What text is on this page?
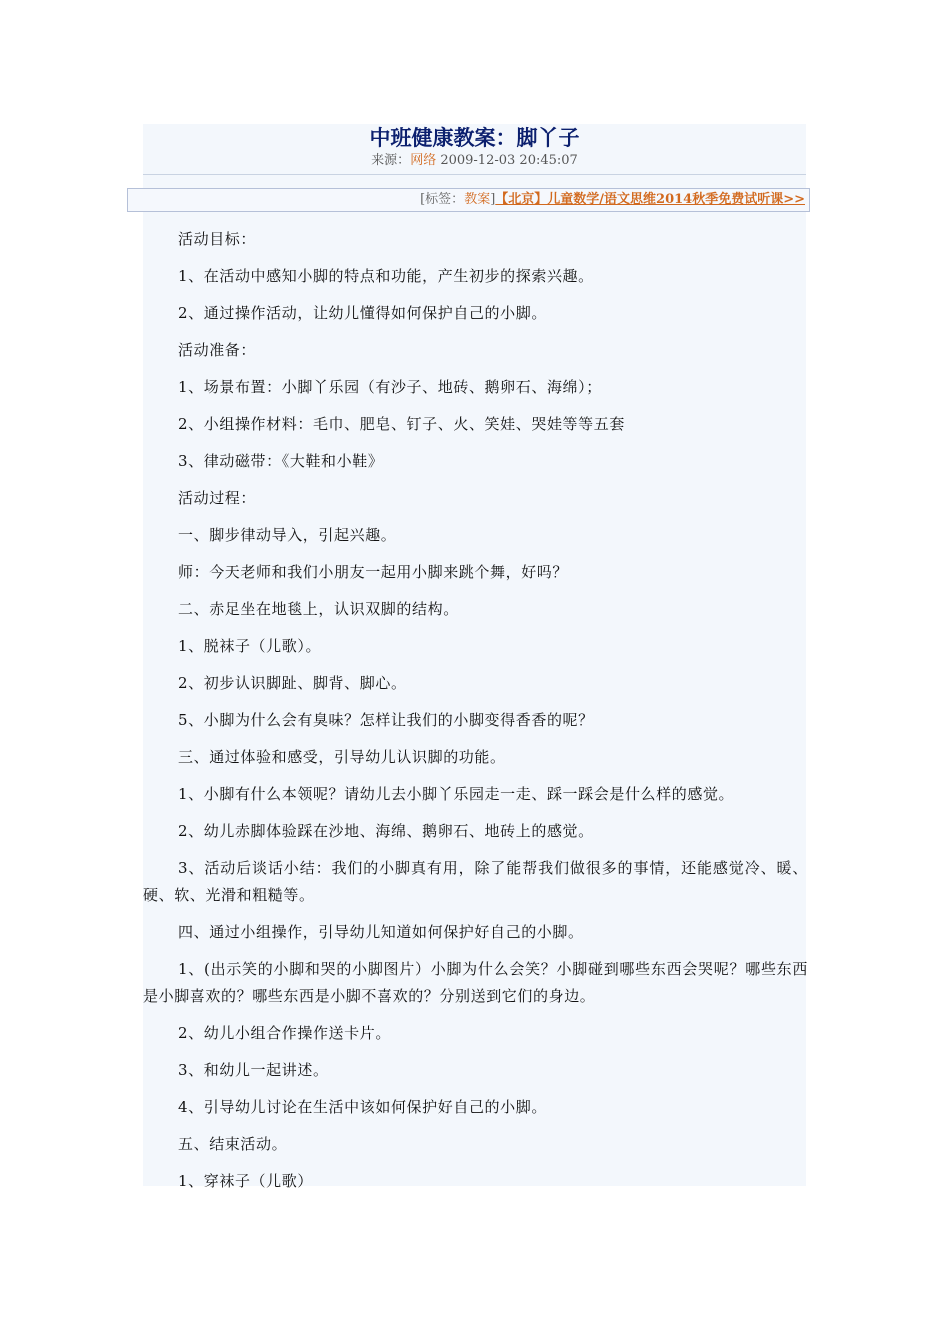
中班健康教案：脚丫子
来源：网络 2009-12-03 20:45:07
[标签：教案]【北京】儿童数学/语文思维2014秋季免费试听课>>

活动目标：

1、在活动中感知小脚的特点和功能，产生初步的探索兴趣。

2、通过操作活动，让幼儿懂得如何保护自己的小脚。

活动准备：

1、场景布置：小脚丫乐园（有沙子、地砖、鹅卵石、海绵）；

2、小组操作材料：毛巾、肥皂、钉子、火、笑娃、哭娃等等五套

3、律动磁带：《大鞋和小鞋》

活动过程：

一、脚步律动导入，引起兴趣。

师：今天老师和我们小朋友一起用小脚来跳个舞，好吗？

二、赤足坐在地毯上，认识双脚的结构。

1、脱袜子（儿歌）。

2、初步认识脚趾、脚背、脚心。

5、小脚为什么会有臭味？怎样让我们的小脚变得香香的呢？

三、通过体验和感受，引导幼儿认识脚的功能。

1、小脚有什么本领呢？请幼儿去小脚丫乐园走一走、踩一踩会是什么样的感觉。

2、幼儿赤脚体验踩在沙地、海绵、鹅卵石、地砖上的感觉。

3、活动后谈话小结：我们的小脚真有用，除了能帮我们做很多的事情，还能感觉冷、暖、硬、软、光滑和粗糙等。

四、通过小组操作，引导幼儿知道如何保护好自己的小脚。

1、(出示笑的小脚和哭的小脚图片）小脚为什么会笑？小脚碰到哪些东西会哭呢？哪些东西是小脚喜欢的？哪些东西是小脚不喜欢的？分别送到它们的身边。

2、幼儿小组合作操作送卡片。

3、和幼儿一起讲述。

4、引导幼儿讨论在生活中该如何保护好自己的小脚。

五、结束活动。

1、穿袜子（儿歌）
